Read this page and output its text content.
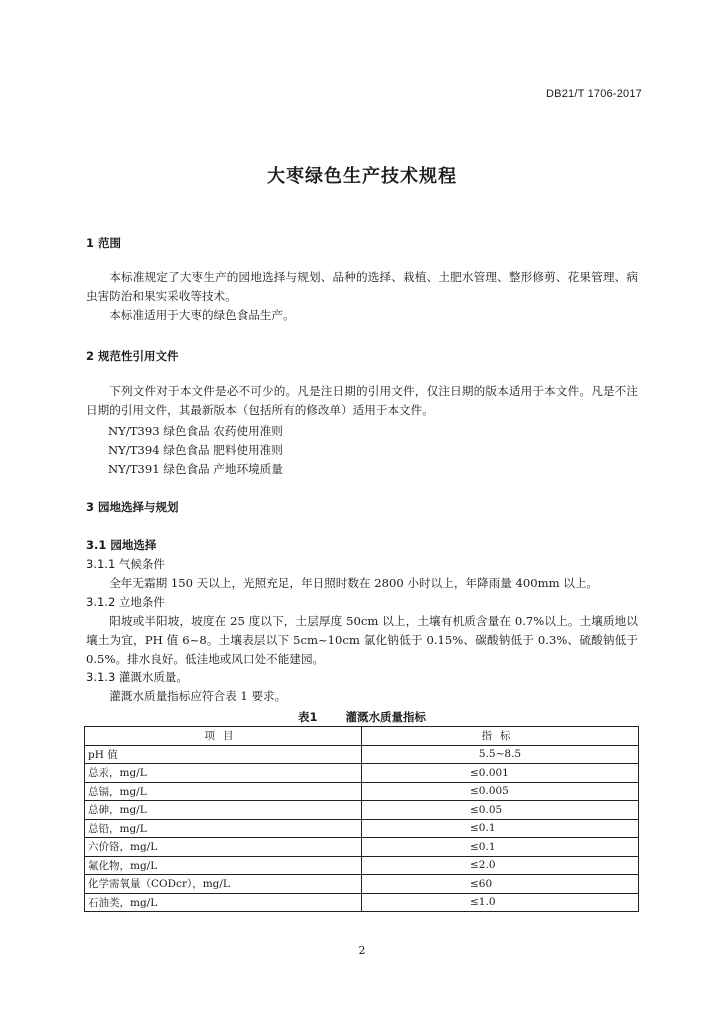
DB21/T 1706-2017
大枣绿色生产技术规程
1 范围
本标准规定了大枣生产的园地选择与规划、品种的选择、栽植、土肥水管理、整形修剪、花果管理、病虫害防治和果实采收等技术。
本标准适用于大枣的绿色食品生产。
2 规范性引用文件
下列文件对于本文件是必不可少的。凡是注日期的引用文件，仅注日期的版本适用于本文件。凡是不注日期的引用文件，其最新版本（包括所有的修改单）适用于本文件。
NY/T393 绿色食品 农药使用准则
NY/T394 绿色食品 肥料使用准则
NY/T391 绿色食品 产地环境质量
3 园地选择与规划
3.1 园地选择
3.1.1 气候条件
全年无霜期 150 天以上，光照充足，年日照时数在 2800 小时以上，年降雨量 400mm 以上。
3.1.2 立地条件
阳坡或半阳坡，坡度在 25 度以下，土层厚度 50cm 以上，土壤有机质含量在 0.7%以上。土壤质地以壤土为宜，PH 值 6~8。土壤表层以下 5cm~10cm 氯化钠低于 0.15%、碳酸钠低于 0.3%、硫酸钠低于 0.5%。排水良好。低洼地或风口处不能建园。
3.1.3 灌溉水质量。
灌溉水质量指标应符合表 1 要求。
表1 灌溉水质量指标
项目	指标
pH 值	5.5~8.5
总汞，mg/L	≤0.001
总镉，mg/L	≤0.005
总砷，mg/L	≤0.05
总铅，mg/L	≤0.1
六价铬，mg/L	≤0.1
氟化物，mg/L	≤2.0
化学需氧量（CODcr），mg/L	≤60
石油类，mg/L	≤1.0
2
